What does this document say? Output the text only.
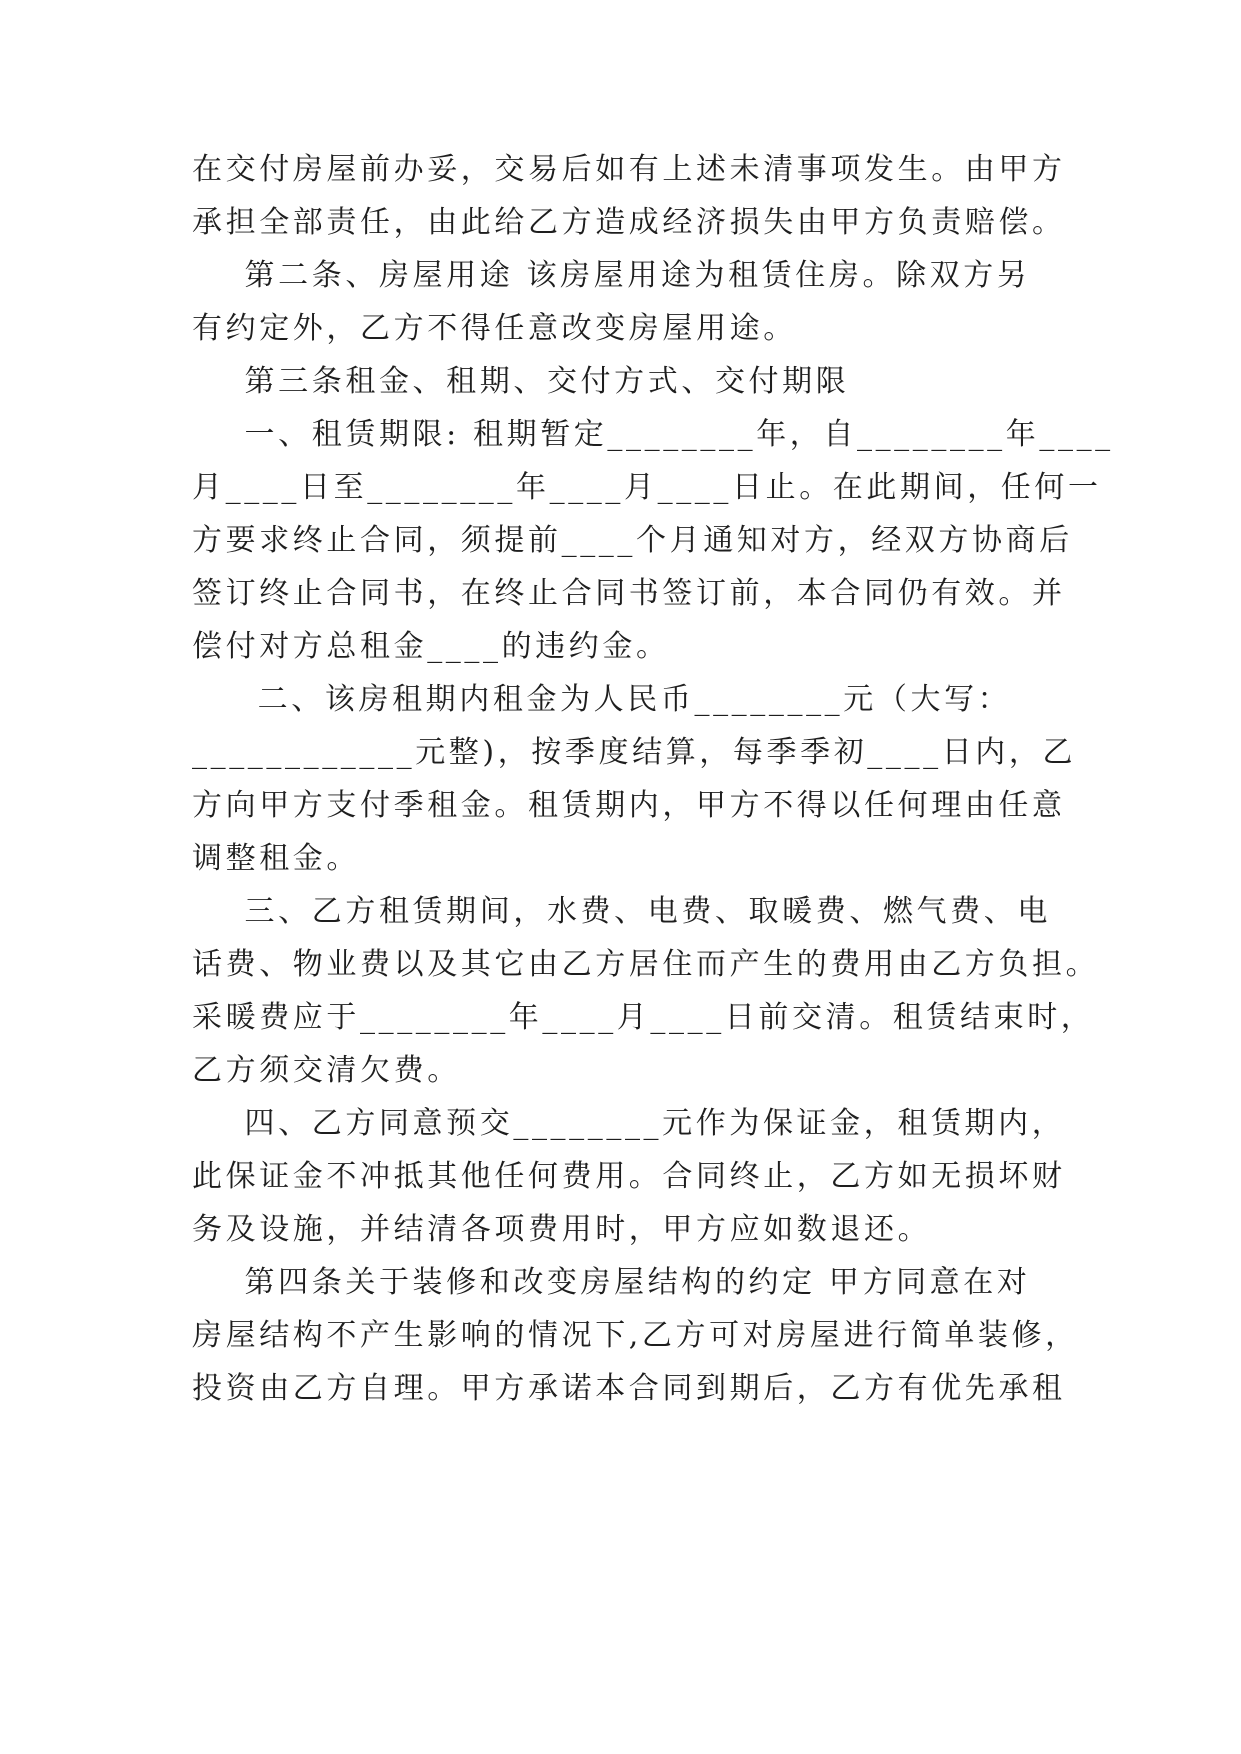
在交付房屋前办妥，交易后如有上述未清事项发生。由甲方
承担全部责任，由此给乙方造成经济损失由甲方负责赔偿。
第二条、房屋用途 该房屋用途为租赁住房。除双方另
有约定外，乙方不得任意改变房屋用途。
第三条租金、租期、交付方式、交付期限
一、租赁期限: 租期暂定________年，自________年____
月____日至________年____月____日止。在此期间，任何一
方要求终止合同，须提前____个月通知对方，经双方协商后
签订终止合同书，在终止合同书签订前，本合同仍有效。并
偿付对方总租金____的违约金。
二、该房租期内租金为人民币________元（大写：
____________元整)，按季度结算，每季季初____日内，乙
方向甲方支付季租金。租赁期内，甲方不得以任何理由任意
调整租金。
三、乙方租赁期间，水费、电费、取暖费、燃气费、电
话费、物业费以及其它由乙方居住而产生的费用由乙方负担。
采暖费应于________年____月____日前交清。租赁结束时，
乙方须交清欠费。
四、乙方同意预交________元作为保证金，租赁期内，
此保证金不冲抵其他任何费用。合同终止，乙方如无损坏财
务及设施，并结清各项费用时，甲方应如数退还。
第四条关于装修和改变房屋结构的约定 甲方同意在对
房屋结构不产生影响的情况下,乙方可对房屋进行简单装修，
投资由乙方自理。甲方承诺本合同到期后，乙方有优先承租
